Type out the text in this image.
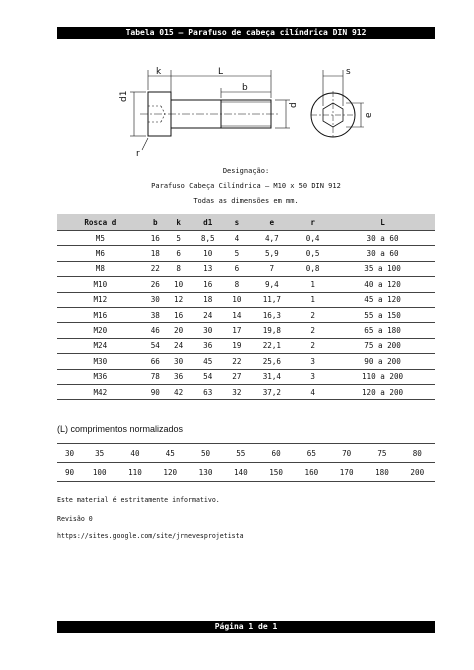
Tabela 015 – Parafuso de cabeça cilíndrica DIN 912
k	L
b
d1
d
s
e
r
Designação:
Parafuso Cabeça Cilíndrica – M10 x 50 DIN 912
Todas as dimensões em mm.
Rosca d	b	k	d1	s	e	r	L
M5	16	5	8,5	4	4,7	0,4	30 a 60
M6	18	6	10	5	5,9	0,5	30 a 60
M8	22	8	13	6	7	0,8	35 a 100
M10	26	10	16	8	9,4	1	40 a 120
M12	30	12	18	10	11,7	1	45 a 120
M16	38	16	24	14	16,3	2	55 a 150
M20	46	20	30	17	19,8	2	65 a 180
M24	54	24	36	19	22,1	2	75 a 200
M30	66	30	45	22	25,6	3	90 a 200
M36	78	36	54	27	31,4	3	110 a 200
M42	90	42	63	32	37,2	4	120 a 200
(L) comprimentos normalizados
30	35	40	45	50	55	60	65	70	75	80
90	100	110	120	130	140	150	160	170	180	200
Este material é estritamente informativo.
Revisão 0
https://sites.google.com/site/jrnevesprojetista
Página 1 de 1
